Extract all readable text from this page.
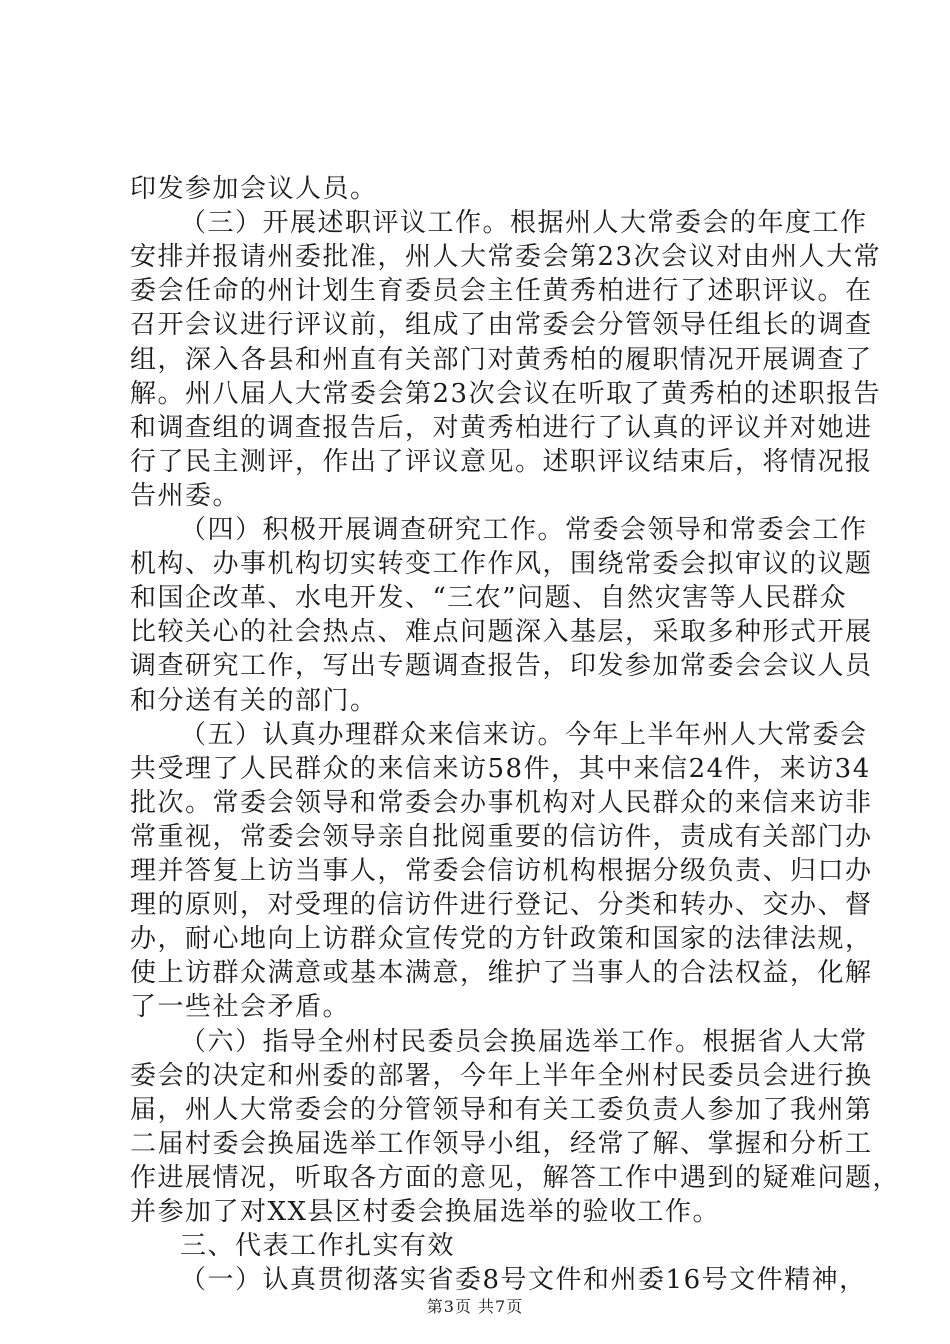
印发参加会议人员。
（三）开展述职评议工作。根据州人大常委会的年度工作
安排并报请州委批准，州人大常委会第23次会议对由州人大常
委会任命的州计划生育委员会主任黄秀柏进行了述职评议。在
召开会议进行评议前，组成了由常委会分管领导任组长的调查
组，深入各县和州直有关部门对黄秀柏的履职情况开展调查了
解。州八届人大常委会第23次会议在听取了黄秀柏的述职报告
和调查组的调查报告后，对黄秀柏进行了认真的评议并对她进
行了民主测评，作出了评议意见。述职评议结束后，将情况报
告州委。
（四）积极开展调查研究工作。常委会领导和常委会工作
机构、办事机构切实转变工作作风，围绕常委会拟审议的议题
和国企改革、水电开发、“三农”问题、自然灾害等人民群众
比较关心的社会热点、难点问题深入基层，采取多种形式开展
调查研究工作，写出专题调查报告，印发参加常委会会议人员
和分送有关的部门。
（五）认真办理群众来信来访。今年上半年州人大常委会
共受理了人民群众的来信来访58件，其中来信24件，来访34
批次。常委会领导和常委会办事机构对人民群众的来信来访非
常重视，常委会领导亲自批阅重要的信访件，责成有关部门办
理并答复上访当事人，常委会信访机构根据分级负责、归口办
理的原则，对受理的信访件进行登记、分类和转办、交办、督
办，耐心地向上访群众宣传党的方针政策和国家的法律法规，
使上访群众满意或基本满意，维护了当事人的合法权益，化解
了一些社会矛盾。
（六）指导全州村民委员会换届选举工作。根据省人大常
委会的决定和州委的部署，今年上半年全州村民委员会进行换
届，州人大常委会的分管领导和有关工委负责人参加了我州第
二届村委会换届选举工作领导小组，经常了解、掌握和分析工
作进展情况，听取各方面的意见，解答工作中遇到的疑难问题，
并参加了对XX县区村委会换届选举的验收工作。
三、代表工作扎实有效
（一）认真贯彻落实省委8号文件和州委16号文件精神，
第3页 共7页
